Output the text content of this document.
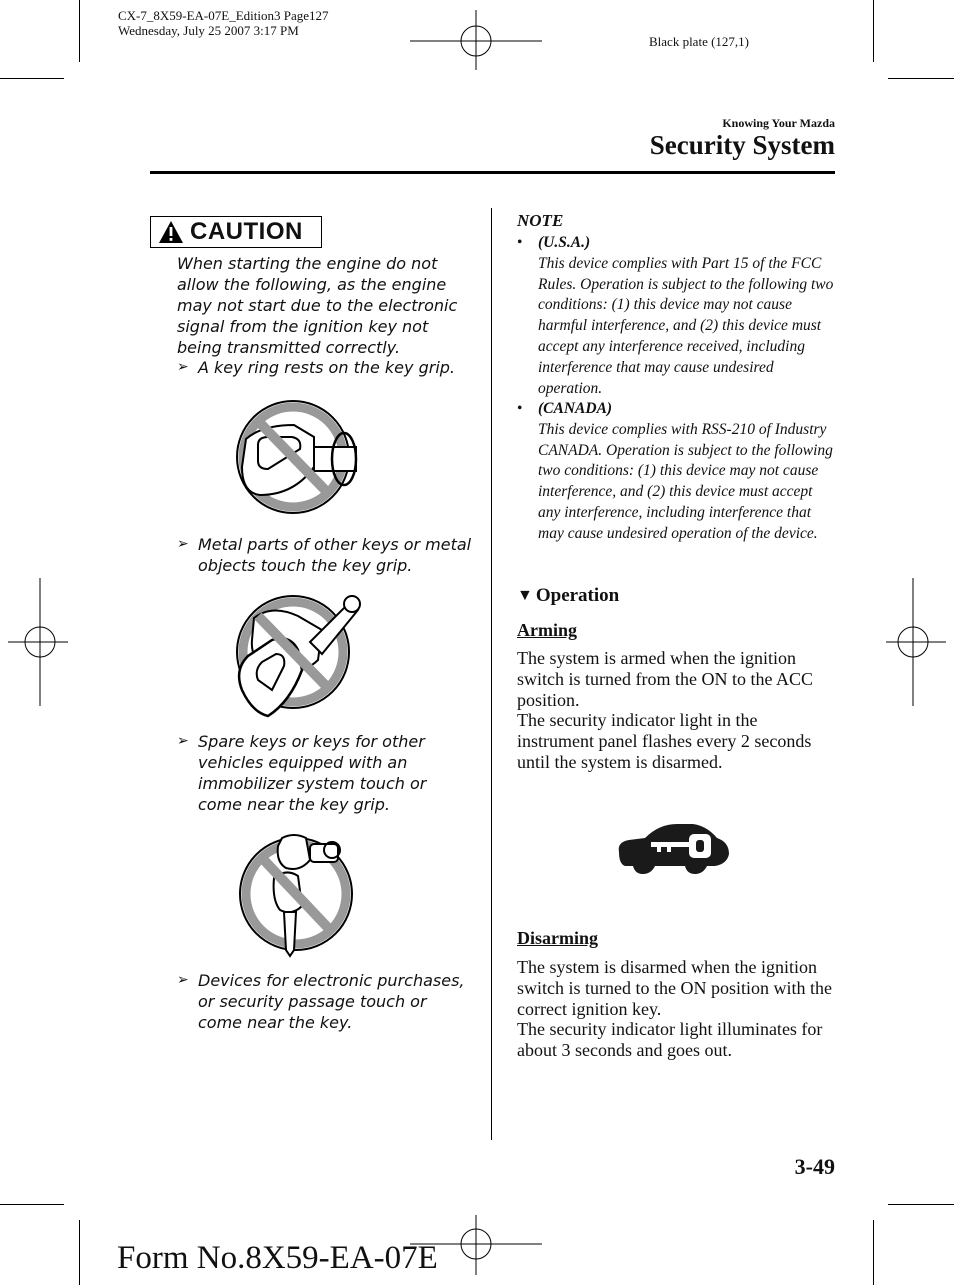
CX-7_8X59-EA-07E_Edition3 Page127
Wednesday, July 25 2007 3:17 PM
Black plate (127,1)
Knowing Your Mazda
Security System
CAUTION
When starting the engine do not allow the following, as the engine may not start due to the electronic signal from the ignition key not being transmitted correctly.
➢ A key ring rests on the key grip.
➢ Metal parts of other keys or metal objects touch the key grip.
➢ Spare keys or keys for other vehicles equipped with an immobilizer system touch or come near the key grip.
➢ Devices for electronic purchases, or security passage touch or come near the key.
NOTE
•	(U.S.A.)
This device complies with Part 15 of the FCC Rules. Operation is subject to the following two conditions: (1) this device may not cause harmful interference, and (2) this device must accept any interference received, including interference that may cause undesired operation.
•	(CANADA)
This device complies with RSS-210 of Industry CANADA. Operation is subject to the following two conditions: (1) this device may not cause interference, and (2) this device must accept any interference, including interference that may cause undesired operation of the device.
▼ Operation
Arming
The system is armed when the ignition switch is turned from the ON to the ACC position.
The security indicator light in the instrument panel flashes every 2 seconds until the system is disarmed.
Disarming
The system is disarmed when the ignition switch is turned to the ON position with the correct ignition key.
The security indicator light illuminates for about 3 seconds and goes out.
3-49
Form No.8X59-EA-07E
